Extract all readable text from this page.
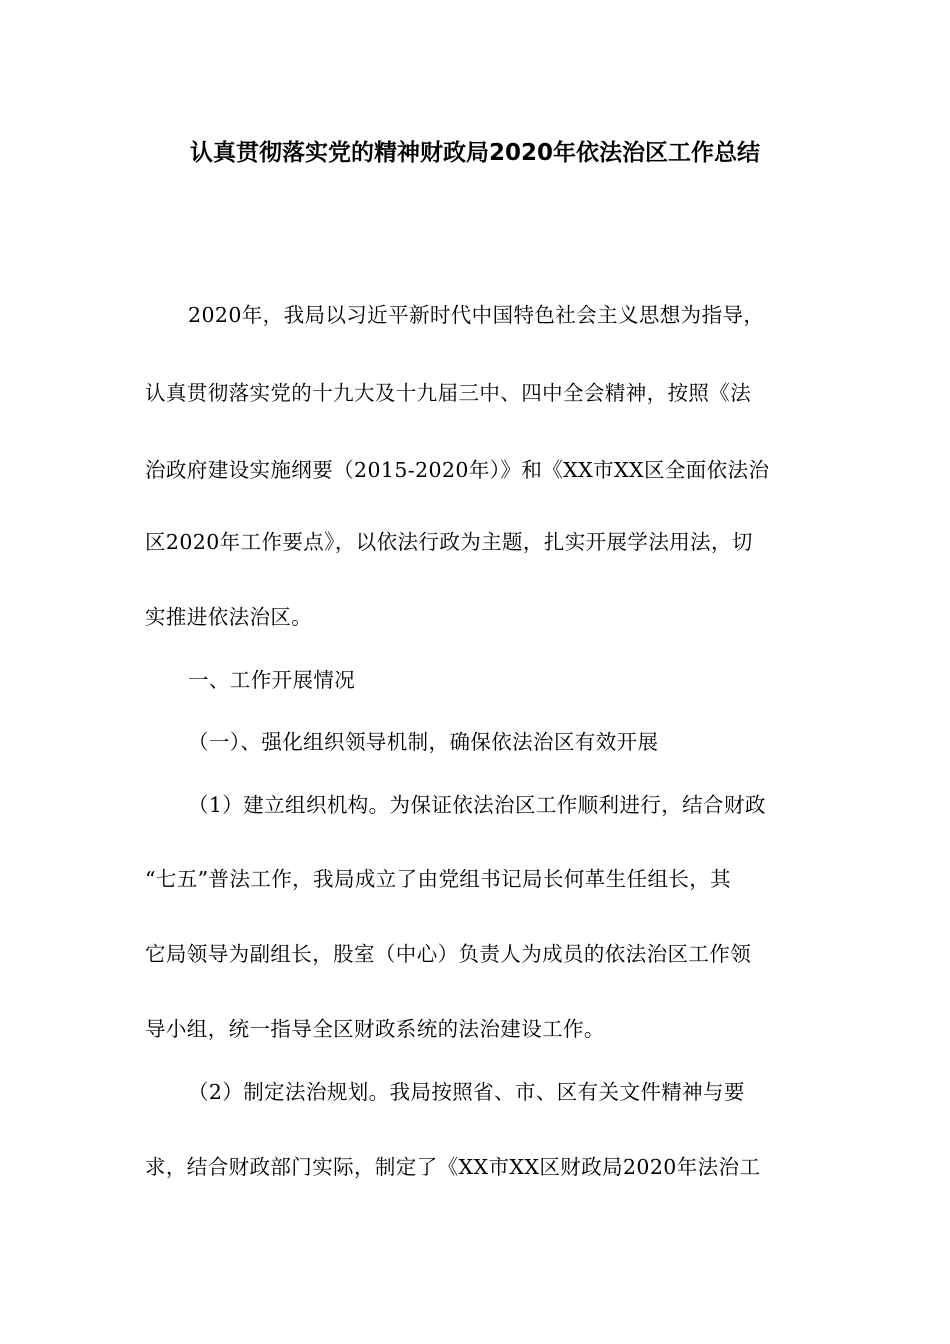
认真贯彻落实党的精神财政局2020年依法治区工作总结
2020年，我局以习近平新时代中国特色社会主义思想为指导，
认真贯彻落实党的十九大及十九届三中、四中全会精神，按照《法
治政府建设实施纲要（2015-2020年）》和《XX市XX区全面依法治
区2020年工作要点》，以依法行政为主题，扎实开展学法用法，切
实推进依法治区。
一、工作开展情况
（一）、强化组织领导机制，确保依法治区有效开展
（1）建立组织机构。为保证依法治区工作顺利进行，结合财政
“七五”普法工作，我局成立了由党组书记局长何革生任组长，其
它局领导为副组长，股室（中心）负责人为成员的依法治区工作领
导小组，统一指导全区财政系统的法治建设工作。
（2）制定法治规划。我局按照省、市、区有关文件精神与要
求，结合财政部门实际，制定了《XX市XX区财政局2020年法治工
